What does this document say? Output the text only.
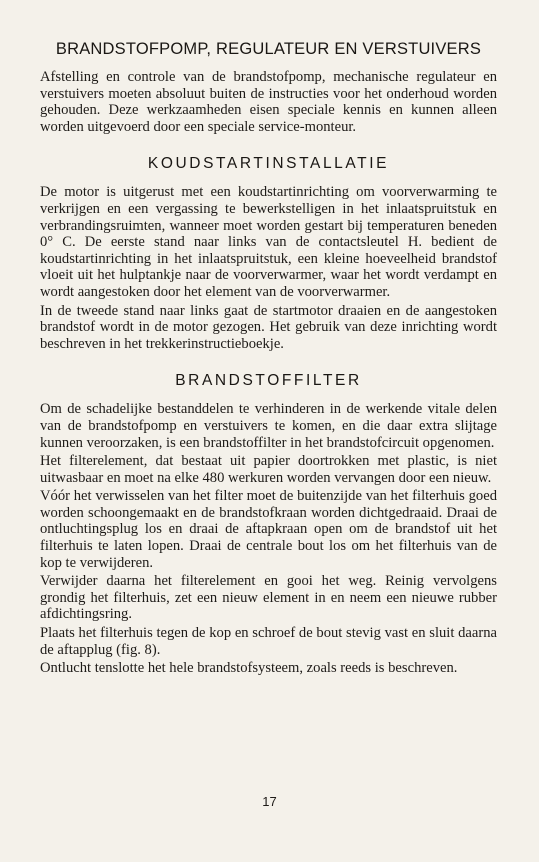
BRANDSTOFPOMP, REGULATEUR EN VERSTUIVERS

Afstelling en controle van de brandstofpomp, mechanische regulateur en verstuivers moeten absoluut buiten de instructies voor het onderhoud worden gehouden. Deze werkzaamheden eisen speciale kennis en kunnen alleen worden uitgevoerd door een speciale service-monteur.

KOUDSTARTINSTALLATIE

De motor is uitgerust met een koudstartinrichting om voorverwarming te verkrijgen en een vergassing te bewerkstelligen in het inlaatspruitstuk en verbrandingsruimten, wanneer moet worden gestart bij temperaturen beneden 0° C. De eerste stand naar links van de contactsleutel H. bedient de koudstartinrichting in het inlaatspruitstuk, een kleine hoeveelheid brandstof vloeit uit het hulptankje naar de voorverwarmer, waar het wordt verdampt en wordt aangestoken door het element van de voorverwarmer.

In de tweede stand naar links gaat de startmotor draaien en de aangestoken brandstof wordt in de motor gezogen. Het gebruik van deze inrichting wordt beschreven in het trekkerinstructieboekje.

BRANDSTOFFILTER

Om de schadelijke bestanddelen te verhinderen in de werkende vitale delen van de brandstofpomp en verstuivers te komen, en die daar extra slijtage kunnen veroorzaken, is een brandstoffilter in het brandstofcircuit opgenomen.

Het filterelement, dat bestaat uit papier doortrokken met plastic, is niet uitwasbaar en moet na elke 480 werkuren worden vervangen door een nieuw.

Vóór het verwisselen van het filter moet de buitenzijde van het filterhuis goed worden schoongemaakt en de brandstofkraan worden dichtgedraaid. Draai de ontluchtingsplug los en draai de aftapkraan open om de brandstof uit het filterhuis te laten lopen. Draai de centrale bout los om het filterhuis van de kop te verwijderen.

Verwijder daarna het filterelement en gooi het weg. Reinig vervolgens grondig het filterhuis, zet een nieuw element in en neem een nieuwe rubber afdichtingsring.

Plaats het filterhuis tegen de kop en schroef de bout stevig vast en sluit daarna de aftapplug (fig. 8).

Ontlucht tenslotte het hele brandstofsysteem, zoals reeds is beschreven.

17
